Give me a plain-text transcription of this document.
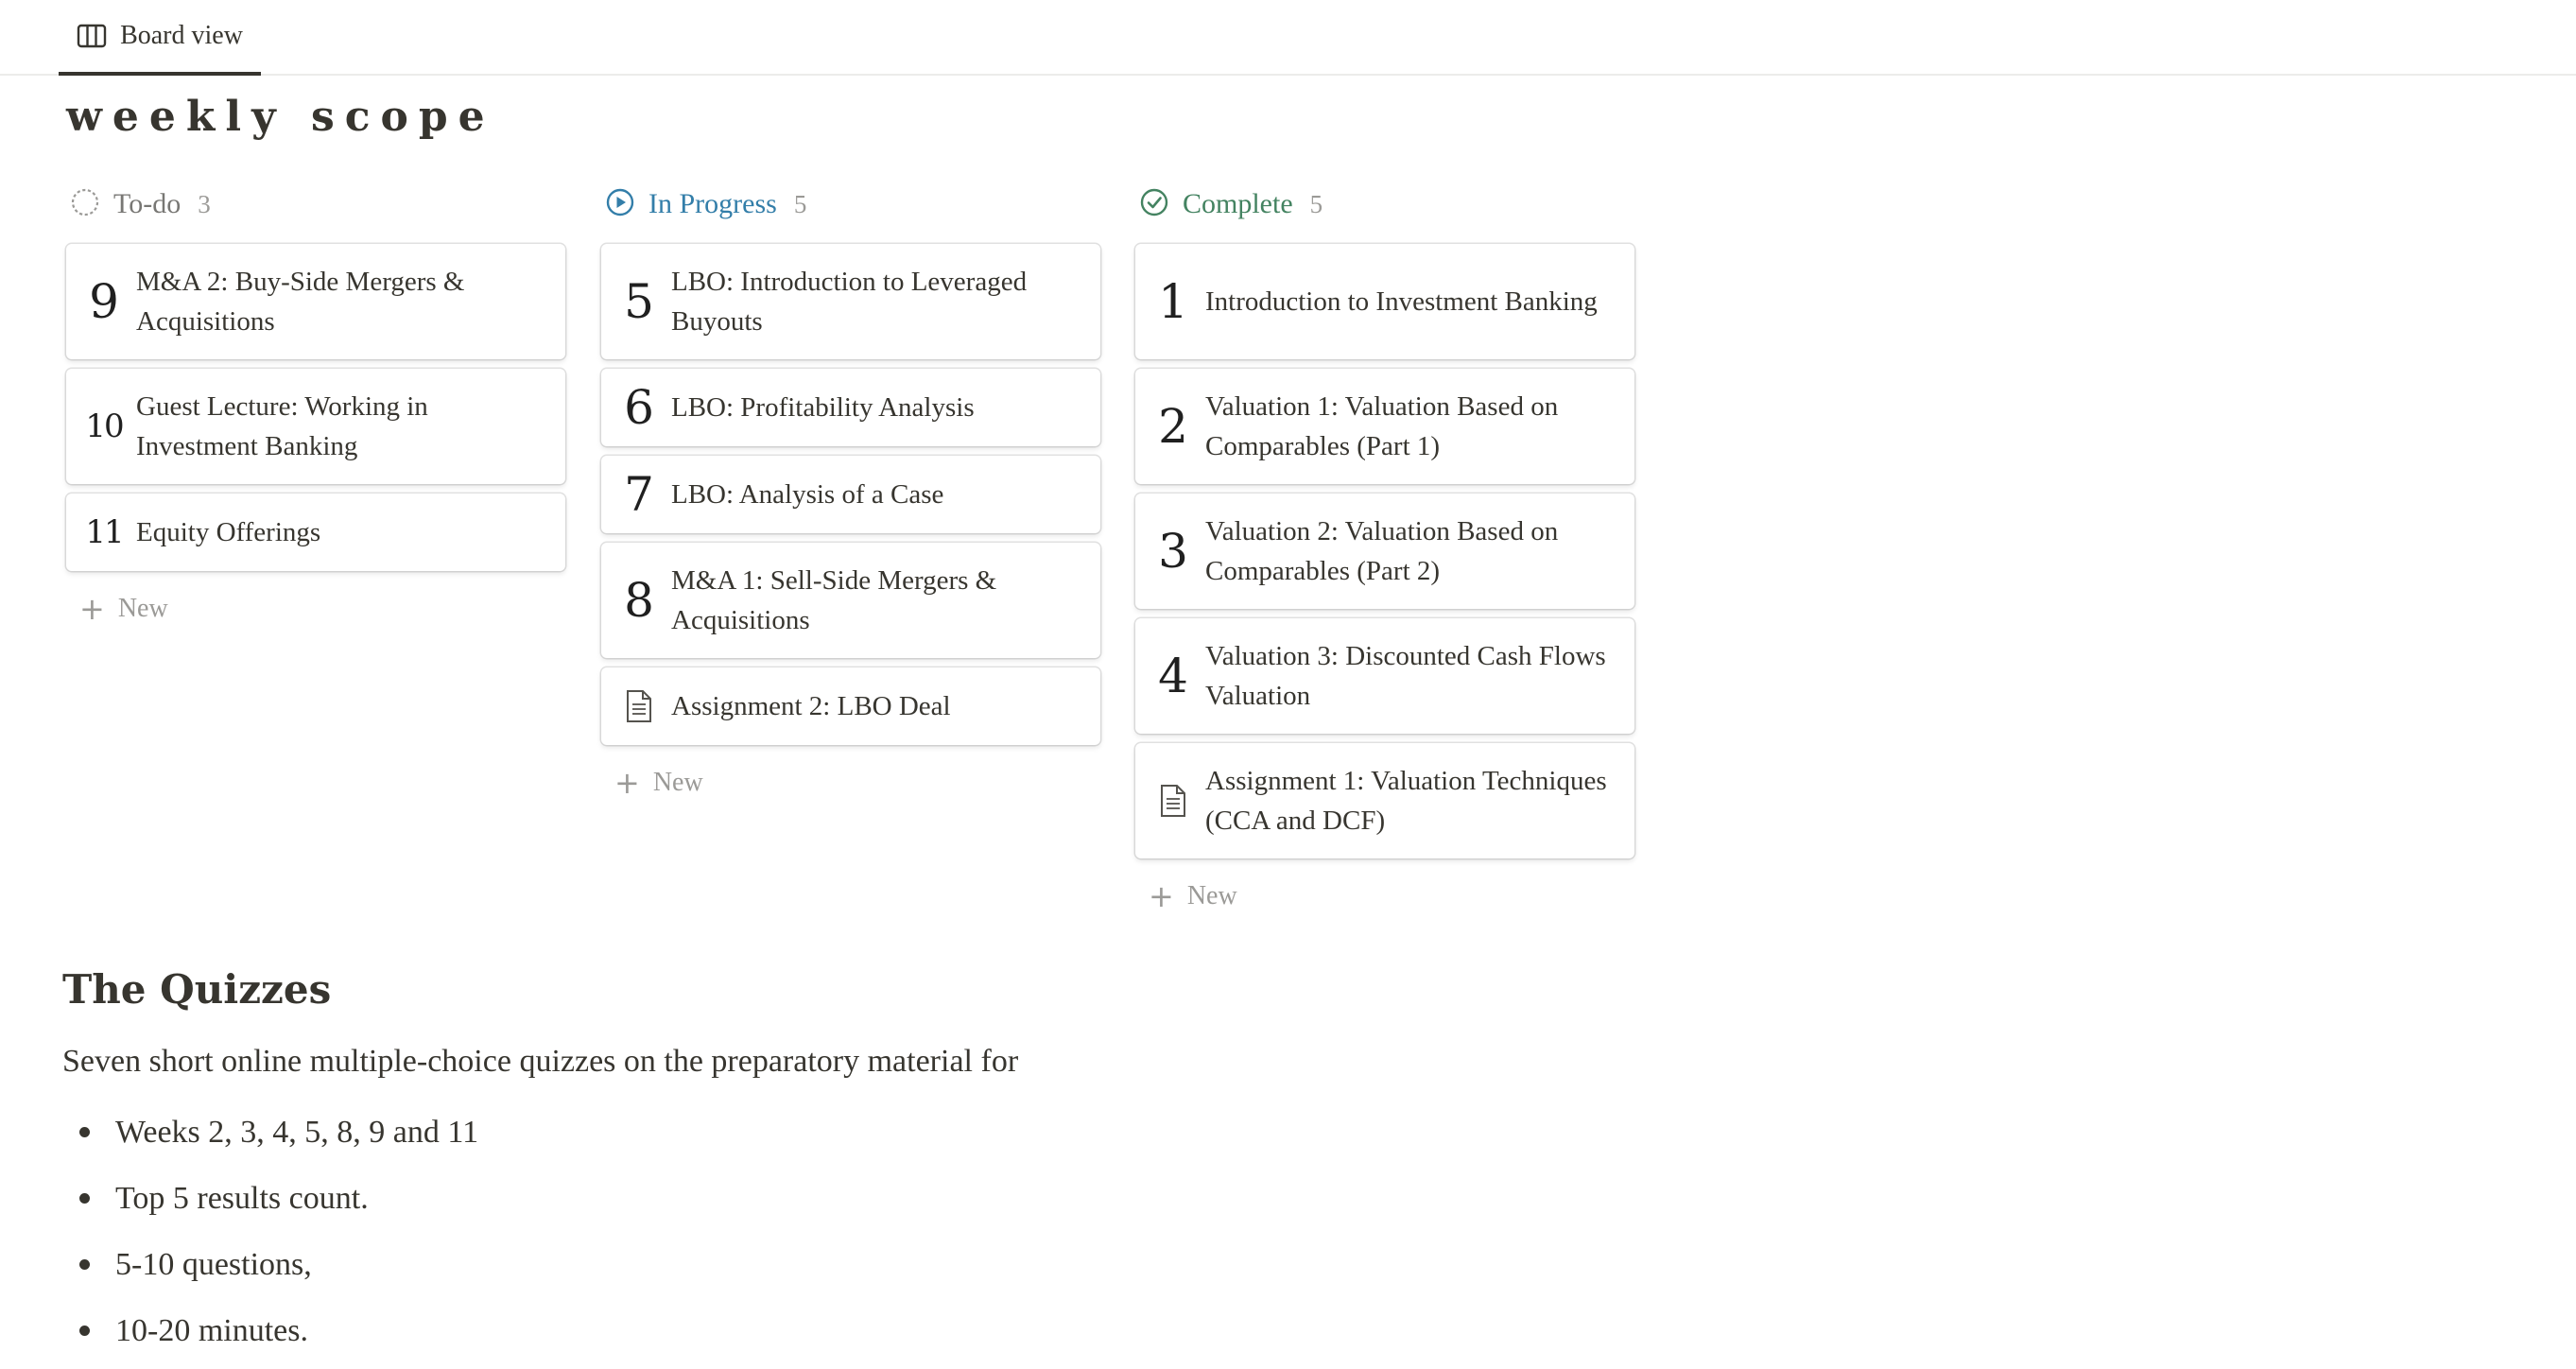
Board view
weekly scope
To-do 3
9 M&A 2: Buy-Side Mergers & Acquisitions
10
Guest Lecture: Working in Investment Banking
11 Equity Offerings
+ New
In Progress 5
5 LBO: Introduction to Leveraged Buyouts
6 LBO: Profitability Analysis
7 LBO: Analysis of a Case
8 M&A 1: Sell-Side Mergers & Acquisitions
Assignment 2: LBO Deal
+ New
Complete 5
1 Introduction to Investment Banking
2 Valuation 1: Valuation Based on Comparables (Part 1)
3 Valuation 2: Valuation Based on Comparables (Part 2)
4 Valuation 3: Discounted Cash Flows Valuation
Assignment 1: Valuation Techniques (CCA and DCF)
+ New
The Quizzes

Seven short online multiple-choice quizzes on the preparatory material for

Weeks 2, 3, 4, 5, 8, 9 and 11
Top 5 results count.
5-10 questions,
10-20 minutes.
